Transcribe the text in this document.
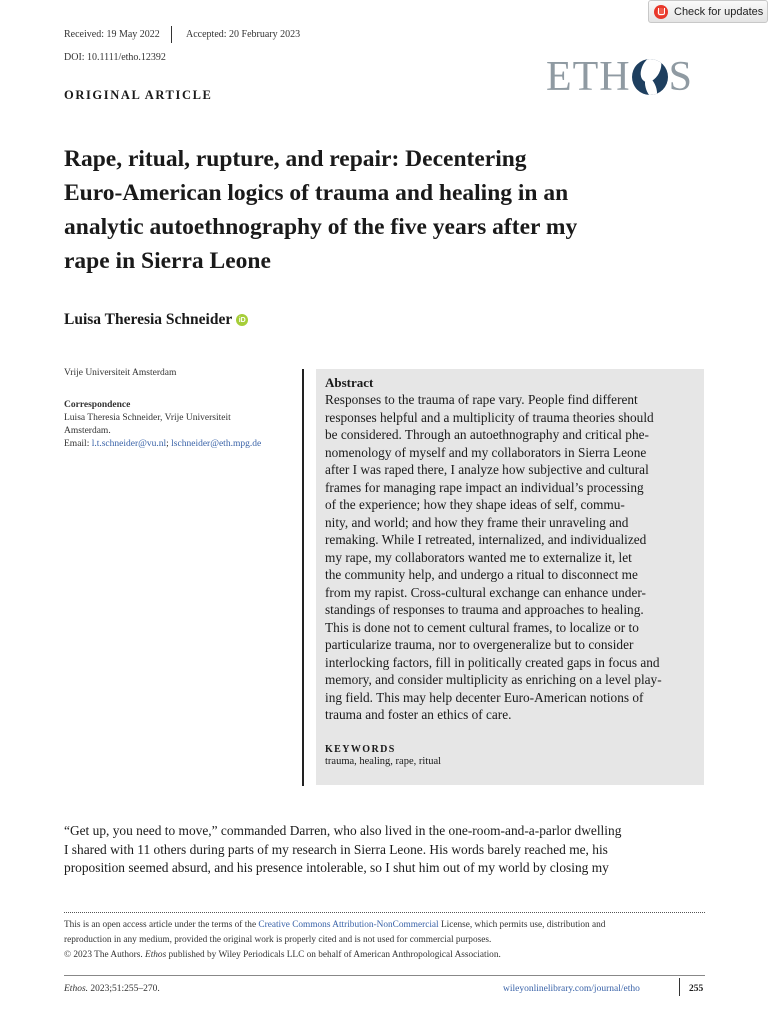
Check for updates
Received: 19 May 2022	Accepted: 20 February 2023
DOI: 10.1111/etho.12392	ETH S
ORIGINAL ARTICLE
Rape, ritual, rupture, and repair: Decentering
Euro-American logics of trauma and healing in an
analytic autoethnography of the five years after my
rape in Sierra Leone
Luisa Theresia Schneider iD
Vrije Universiteit Amsterdam
Correspondence
Luisa Theresia Schneider, Vrije Universiteit
Amsterdam.
Email: l.t.schneider@vu.nl; lschneider@eth.mpg.de
Abstract
Responses to the trauma of rape vary. People find different
responses helpful and a multiplicity of trauma theories should
be considered. Through an autoethnography and critical phe-
nomenology of myself and my collaborators in Sierra Leone
after I was raped there, I analyze how subjective and cultural
frames for managing rape impact an individual’s processing
of the experience; how they shape ideas of self, commu-
nity, and world; and how they frame their unraveling and
remaking. While I retreated, internalized, and individualized
my rape, my collaborators wanted me to externalize it, let
the community help, and undergo a ritual to disconnect me
from my rapist. Cross-cultural exchange can enhance under-
standings of responses to trauma and approaches to healing.
This is done not to cement cultural frames, to localize or to
particularize trauma, nor to overgeneralize but to consider
interlocking factors, fill in politically created gaps in focus and
memory, and consider multiplicity as enriching on a level play-
ing field. This may help decenter Euro-American notions of
trauma and foster an ethics of care.
KEYWORDS
trauma, healing, rape, ritual
“Get up, you need to move,” commanded Darren, who also lived in the one-room-and-a-parlor dwelling
I shared with 11 others during parts of my research in Sierra Leone. His words barely reached me, his
proposition seemed absurd, and his presence intolerable, so I shut him out of my world by closing my
This is an open access article under the terms of the Creative Commons Attribution-NonCommercial License, which permits use, distribution and
reproduction in any medium, provided the original work is properly cited and is not used for commercial purposes.
© 2023 The Authors. Ethos published by Wiley Periodicals LLC on behalf of American Anthropological Association.
Ethos. 2023;51:255–270.	wileyonlinelibrary.com/journal/etho	255
